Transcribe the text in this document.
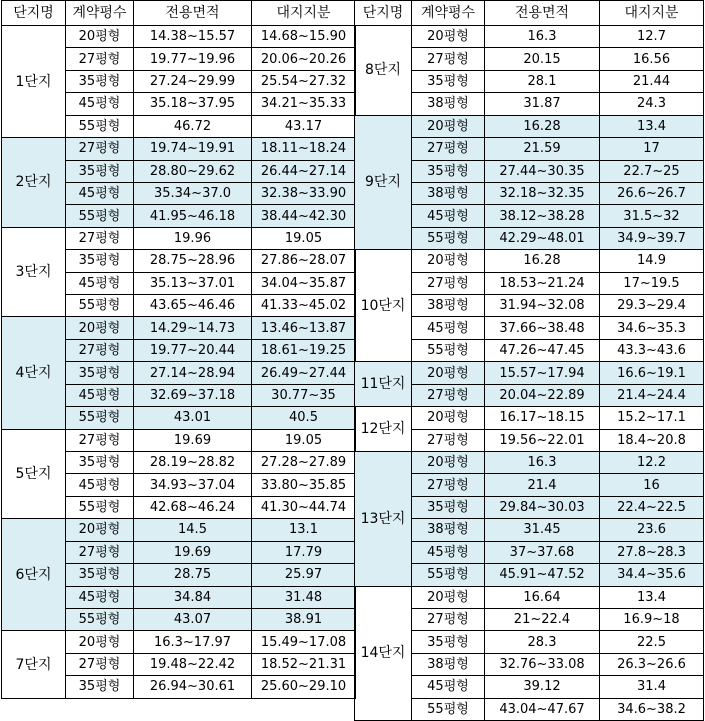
단지명	계약평수	전용면적	대지지분
1단지	20평형	14.38~15.57	14.68~15.90
	27평형	19.77~19.96	20.06~20.26
	35평형	27.24~29.99	25.54~27.32
	45평형	35.18~37.95	34.21~35.33
	55평형	46.72	43.17
2단지	27평형	19.74~19.91	18.11~18.24
	35평형	28.80~29.62	26.44~27.14
	45평형	35.34~37.0	32.38~33.90
	55평형	41.95~46.18	38.44~42.30
3단지	27평형	19.96	19.05
	35평형	28.75~28.96	27.86~28.07
	45평형	35.13~37.01	34.04~35.87
	55평형	43.65~46.46	41.33~45.02
4단지	20평형	14.29~14.73	13.46~13.87
	27평형	19.77~20.44	18.61~19.25
	35평형	27.14~28.94	26.49~27.44
	45평형	32.69~37.18	30.77~35
	55평형	43.01	40.5
5단지	27평형	19.69	19.05
	35평형	28.19~28.82	27.28~27.89
	45평형	34.93~37.04	33.80~35.85
	55평형	42.68~46.24	41.30~44.74
6단지	20평형	14.5	13.1
	27평형	19.69	17.79
	35평형	28.75	25.97
	45평형	34.84	31.48
	55평형	43.07	38.91
7단지	20평형	16.3~17.97	15.49~17.08
	27평형	19.48~22.42	18.52~21.31
	35평형	26.94~30.61	25.60~29.10
단지명	계약평수	전용면적	대지지분
8단지	20평형	16.3	12.7
	27평형	20.15	16.56
	35평형	28.1	21.44
	38평형	31.87	24.3
9단지	20평형	16.28	13.4
	27평형	21.59	17
	35평형	27.44~30.35	22.7~25
	38평형	32.18~32.35	26.6~26.7
	45평형	38.12~38.28	31.5~32
	55평형	42.29~48.01	34.9~39.7
10단지	20평형	16.28	14.9
	27평형	18.53~21.24	17~19.5
	38평형	31.94~32.08	29.3~29.4
	45평형	37.66~38.48	34.6~35.3
	55평형	47.26~47.45	43.3~43.6
11단지	20평형	15.57~17.94	16.6~19.1
	27평형	20.04~22.89	21.4~24.4
12단지	20평형	16.17~18.15	15.2~17.1
	27평형	19.56~22.01	18.4~20.8
13단지	20평형	16.3	12.2
	27평형	21.4	16
	35평형	29.84~30.03	22.4~22.5
	38평형	31.45	23.6
	45평형	37~37.68	27.8~28.3
	55평형	45.91~47.52	34.4~35.6
14단지	20평형	16.64	13.4
	27평형	21~22.4	16.9~18
	35평형	28.3	22.5
	38평형	32.76~33.08	26.3~26.6
	45평형	39.12	31.4
	55평형	43.04~47.67	34.6~38.2
